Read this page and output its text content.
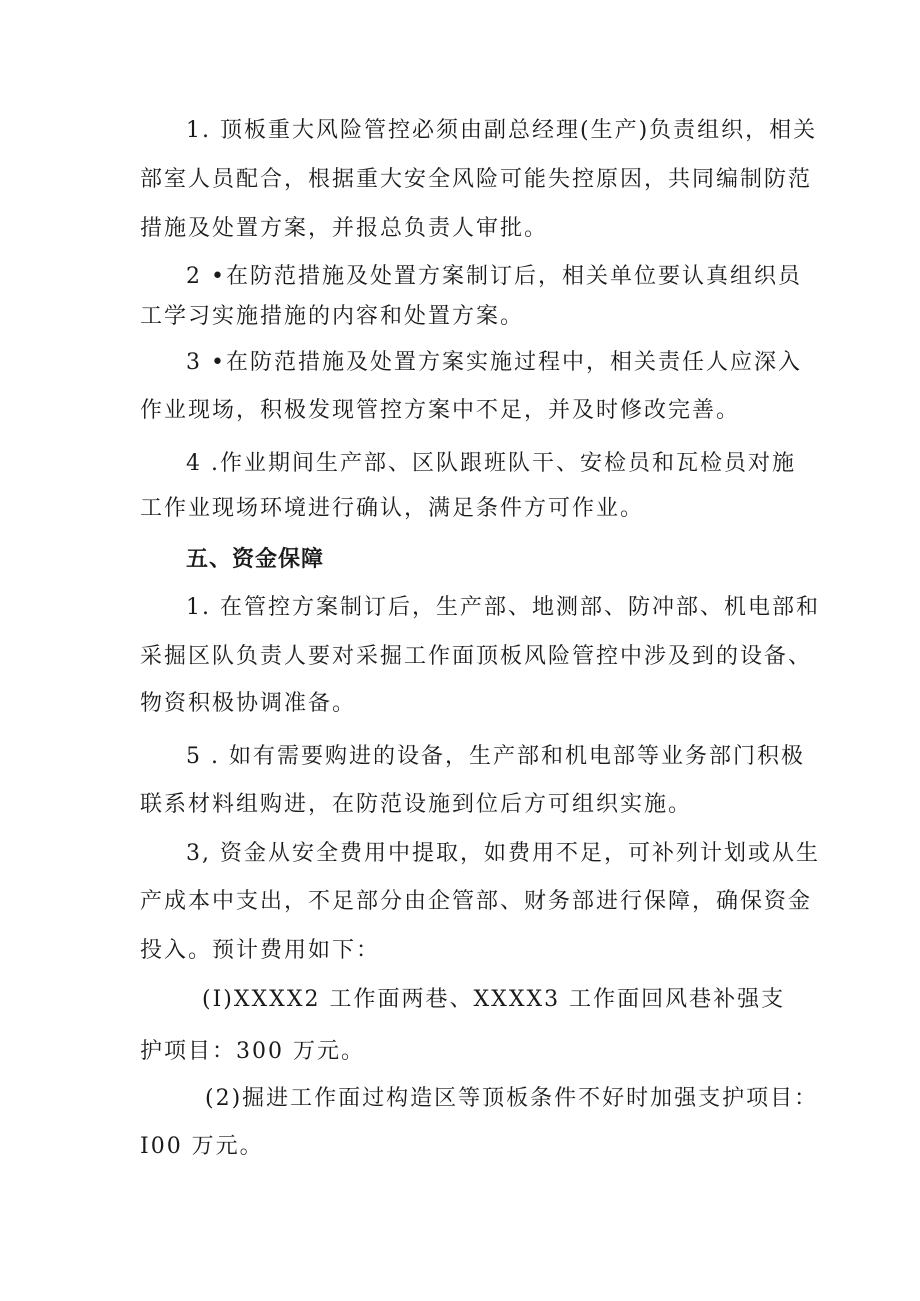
1. 顶板重大风险管控必须由副总经理(生产)负责组织，相关
部室人员配合，根据重大安全风险可能失控原因，共同编制防范
措施及处置方案，并报总负责人审批。
2 •在防范措施及处置方案制订后，相关单位要认真组织员
工学习实施措施的内容和处置方案。
3 •在防范措施及处置方案实施过程中，相关责任人应深入
作业现场，积极发现管控方案中不足，并及时修改完善。
4 .作业期间生产部、区队跟班队干、安检员和瓦检员对施
工作业现场环境进行确认，满足条件方可作业。
五、资金保障
1. 在管控方案制订后，生产部、地测部、防冲部、机电部和
采掘区队负责人要对采掘工作面顶板风险管控中涉及到的设备、
物资积极协调准备。
5 . 如有需要购进的设备，生产部和机电部等业务部门积极
联系材料组购进，在防范设施到位后方可组织实施。
3, 资金从安全费用中提取，如费用不足，可补列计划或从生
产成本中支出，不足部分由企管部、财务部进行保障，确保资金
投入。预计费用如下：
(I)XXXX2 工作面两巷、XXXX3 工作面回风巷补强支
护项目：300 万元。
(2)掘进工作面过构造区等顶板条件不好时加强支护项目：
I00 万元。
